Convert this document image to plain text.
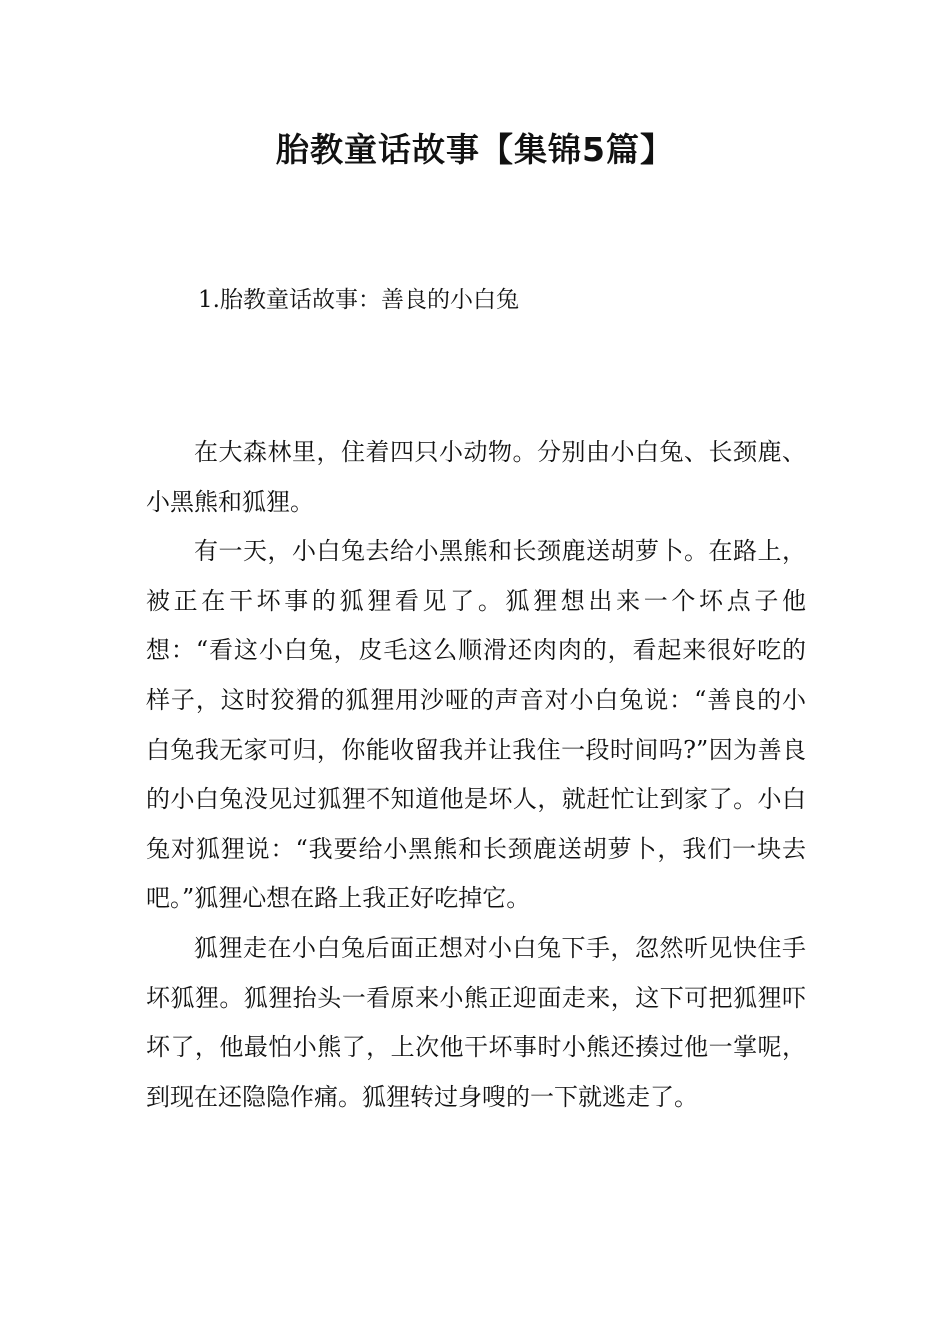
胎教童话故事【集锦5篇】
1.胎教童话故事：善良的小白兔

在大森林里，住着四只小动物。分别由小白兔、长颈鹿、小黑熊和狐狸。

有一天，小白兔去给小黑熊和长颈鹿送胡萝卜。在路上，被正在干坏事的狐狸看见了。狐狸想出来一个坏点子他想：“看这小白兔，皮毛这么顺滑还肉肉的，看起来很好吃的样子，这时狡猾的狐狸用沙哑的声音对小白兔说：“善良的小白兔我无家可归，你能收留我并让我住一段时间吗?”因为善良的小白兔没见过狐狸不知道他是坏人，就赶忙让到家了。小白兔对狐狸说：“我要给小黑熊和长颈鹿送胡萝卜，我们一块去吧。”狐狸心想在路上我正好吃掉它。

狐狸走在小白兔后面正想对小白兔下手，忽然听见快住手坏狐狸。狐狸抬头一看原来小熊正迎面走来，这下可把狐狸吓坏了，他最怕小熊了，上次他干坏事时小熊还揍过他一掌呢，到现在还隐隐作痛。狐狸转过身嗖的一下就逃走了。
